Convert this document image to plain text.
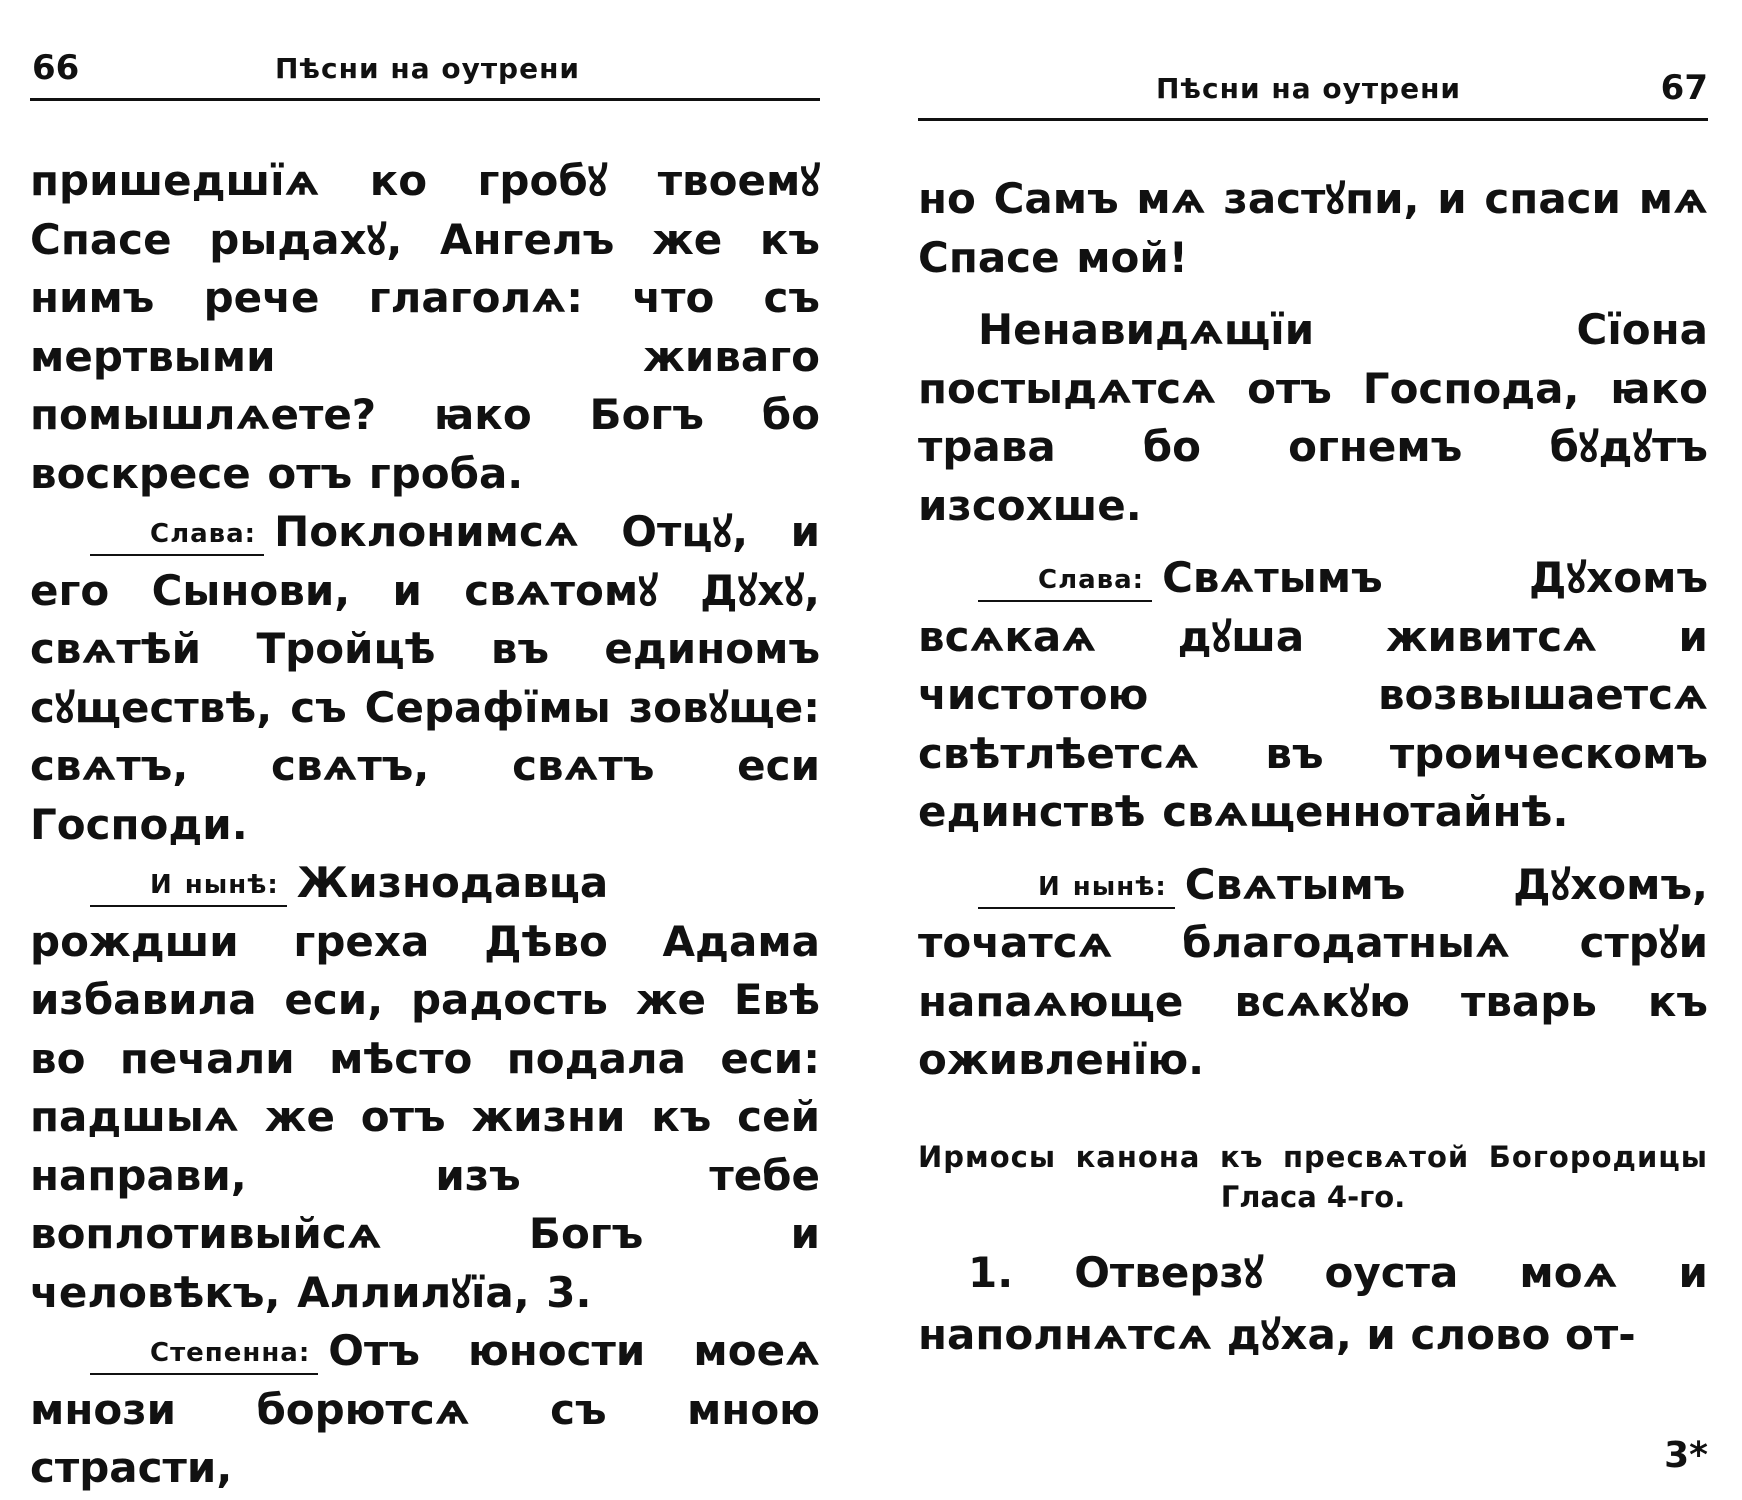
66	Пѣсни на оутрени

пришедшїѧ ко гробꙋ твоемꙋ Спасе рыдахꙋ, Ангелъ же къ нимъ рече глаголѧ: что съ мертвыми живаго помышлѧете? ꙗко Богъ бо воскресе отъ гроба.

Слава: Поклонимсѧ Отцꙋ, и его Сынови, и свѧтомꙋ Дꙋхꙋ, свѧтѣй Тройцѣ въ единомъ сꙋществѣ, съ Серафїмы зовꙋще: свѧтъ, свѧтъ, свѧтъ еси Господи.

И нынѣ: Жизнодавца рождши греха Дѣво Адама избавила еси, радость же Евѣ во печали мѣсто подала еси: падшыѧ же отъ жизни къ сей направи, изъ тебе воплотивыйсѧ Богъ и человѣкъ, Аллилꙋїа, 3.

Степенна: Отъ юности моеѧ мнози борютсѧ съ мною страсти,

Пѣсни на оутрени	67

но Самъ мѧ застꙋпи, и спаси мѧ Спасе мой!

Ненавидѧщїи Сїона постыдѧтсѧ отъ Господа, ꙗко трава бо огнемъ бꙋдꙋтъ изсохше.

Слава: Свѧтымъ Дꙋхомъ всѧкаѧ дꙋша живитсѧ и чистотою возвышаетсѧ свѣтлѣетсѧ въ троическомъ единствѣ свѧщеннотайнѣ.

И нынѣ: Свѧтымъ Дꙋхомъ, точатсѧ благодатныѧ стрꙋи напаѧюще всѧкꙋю тварь къ оживленїю.

Ирмосы канона къ пресвѧтой Богородицы
Гласа 4-го.
1. Отверзꙋ оуста моѧ и наполнѧтсѧ дꙋха, и слово от-
3*
